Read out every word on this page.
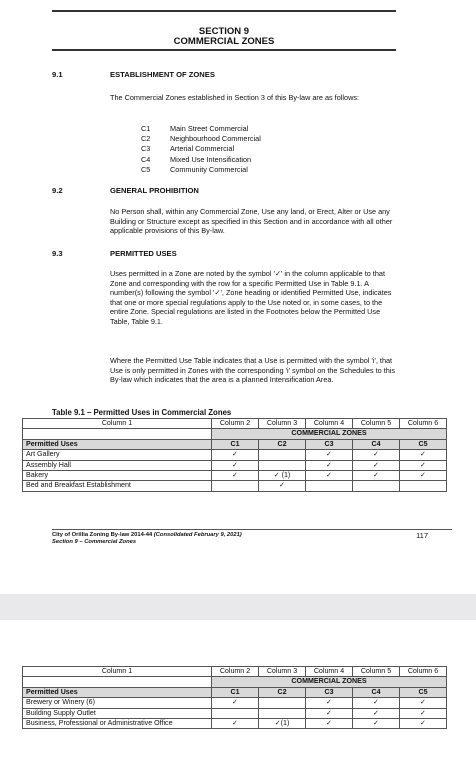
SECTION 9
COMMERCIAL ZONES
9.1	ESTABLISHMENT OF ZONES

The Commercial Zones established in Section 3 of this By-law are as follows:

C1	Main Street Commercial
C2	Neighbourhood Commercial
C3	Arterial Commercial
C4	Mixed Use Intensification
C5	Community Commercial
9.2	GENERAL PROHIBITION

No Person shall, within any Commercial Zone, Use any land, or Erect, Alter or Use any Building or Structure except as specified in this Section and in accordance with all other applicable provisions of this By-law.

9.3	PERMITTED USES

Uses permitted in a Zone are noted by the symbol '✓' in the column applicable to that Zone and corresponding with the row for a specific Permitted Use in Table 9.1. A number(s) following the symbol '✓', Zone heading or identified Permitted Use, indicates that one or more special regulations apply to the Use noted or, in some cases, to the entire Zone. Special regulations are listed in the Footnotes below the Permitted Use Table, Table 9.1.

Where the Permitted Use Table indicates that a Use is permitted with the symbol 'i', that Use is only permitted in Zones with the corresponding 'i' symbol on the Schedules to this By-law which indicates that the area is a planned Intensification Area.

Table 9.1 – Permitted Uses in Commercial Zones
Column 1	Column 2	Column 3	Column 4	Column 5	Column 6
	COMMERCIAL ZONES				
Permitted Uses	C1	C2	C3	C4	C5
Art Gallery	✓		✓	✓	✓
Assembly Hall	✓		✓	✓	✓
Bakery	✓	✓ (1)	✓	✓	✓
Bed and Breakfast Establishment		✓			
City of Orillia Zoning By-law 2014-44 (Consolidated February 9, 2021)
Section 9 – Commercial Zones
117
Column 1	Column 2	Column 3	Column 4	Column 5	Column 6
	COMMERCIAL ZONES				
Permitted Uses	C1	C2	C3	C4	C5
Brewery or Winery (6)	✓		✓	✓	✓
Building Supply Outlet			✓	✓	✓
Business, Professional or Administrative Office	✓	✓(1)	✓	✓	✓
